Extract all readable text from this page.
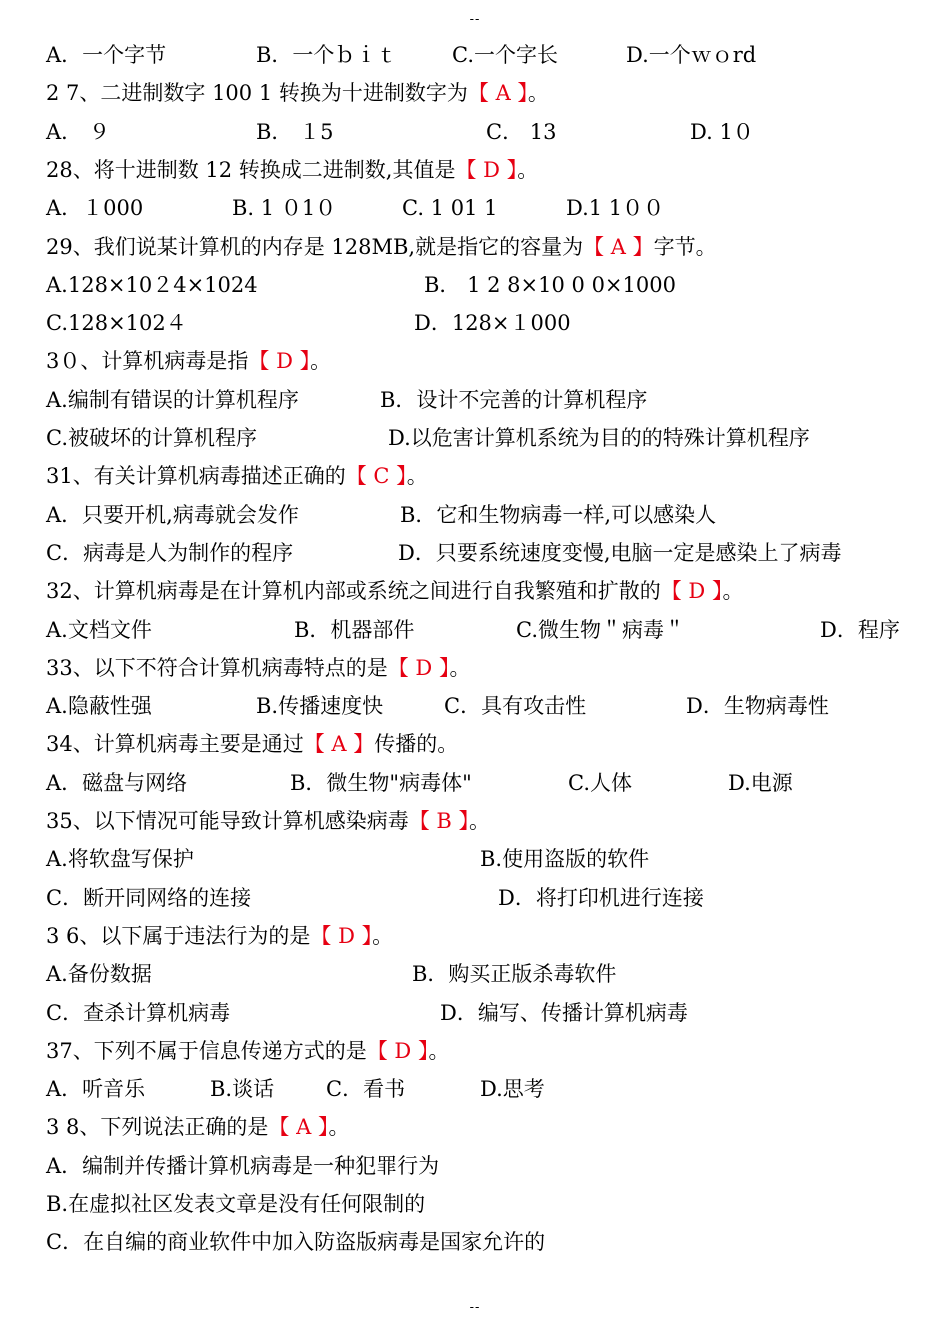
--
A．一个字节	B．一个ｂｉｔ	C.一个字长	D.一个ｗｏrd
2 7、二进制数字 100 1 转换为十进制数字为【 A 】。
A． ９	B． １5	C． 13	D. 1０
28、将十进制数 12 转换成二进制数,其值是【 D 】。
A．１000	B. 1 ０1０	C. 1 01 1	D.1 1００
29、我们说某计算机的内存是 128MB,就是指它的容量为【 A 】字节。
A.128×10２4×1024	B． 1 2 8×10 0 0×1000
C.128×102４	D．128×１000
3０、计算机病毒是指【 D 】。
A.编制有错误的计算机程序	B．设计不完善的计算机程序
C.被破坏的计算机程序	D.以危害计算机系统为目的的特殊计算机程序
31、有关计算机病毒描述正确的【 C 】。
A．只要开机,病毒就会发作	B．它和生物病毒一样,可以感染人
C．病毒是人为制作的程序	D．只要系统速度变慢,电脑一定是感染上了病毒
32、计算机病毒是在计算机内部或系统之间进行自我繁殖和扩散的【 D 】。
A.文档文件	B．机器部件	C.微生物＂病毒＂	D．程序
33、以下不符合计算机病毒特点的是【 D 】。
A.隐蔽性强	B.传播速度快	C．具有攻击性	D．生物病毒性
34、计算机病毒主要是通过【 A 】传播的。
A．磁盘与网络	B．微生物"病毒体"	C.人体	D.电源
35、以下情况可能导致计算机感染病毒【 B 】。
A.将软盘写保护	B.使用盗版的软件
C．断开同网络的连接	D．将打印机进行连接
3 6、以下属于违法行为的是【 D 】。
A.备份数据	B．购买正版杀毒软件
C．查杀计算机病毒	D．编写、传播计算机病毒
37、下列不属于信息传递方式的是【 D 】。
A．听音乐	B.谈话 C．看书	D.思考
3 8、下列说法正确的是【 A 】。
A．编制并传播计算机病毒是一种犯罪行为
B.在虚拟社区发表文章是没有任何限制的
C．在自编的商业软件中加入防盗版病毒是国家允许的
--
